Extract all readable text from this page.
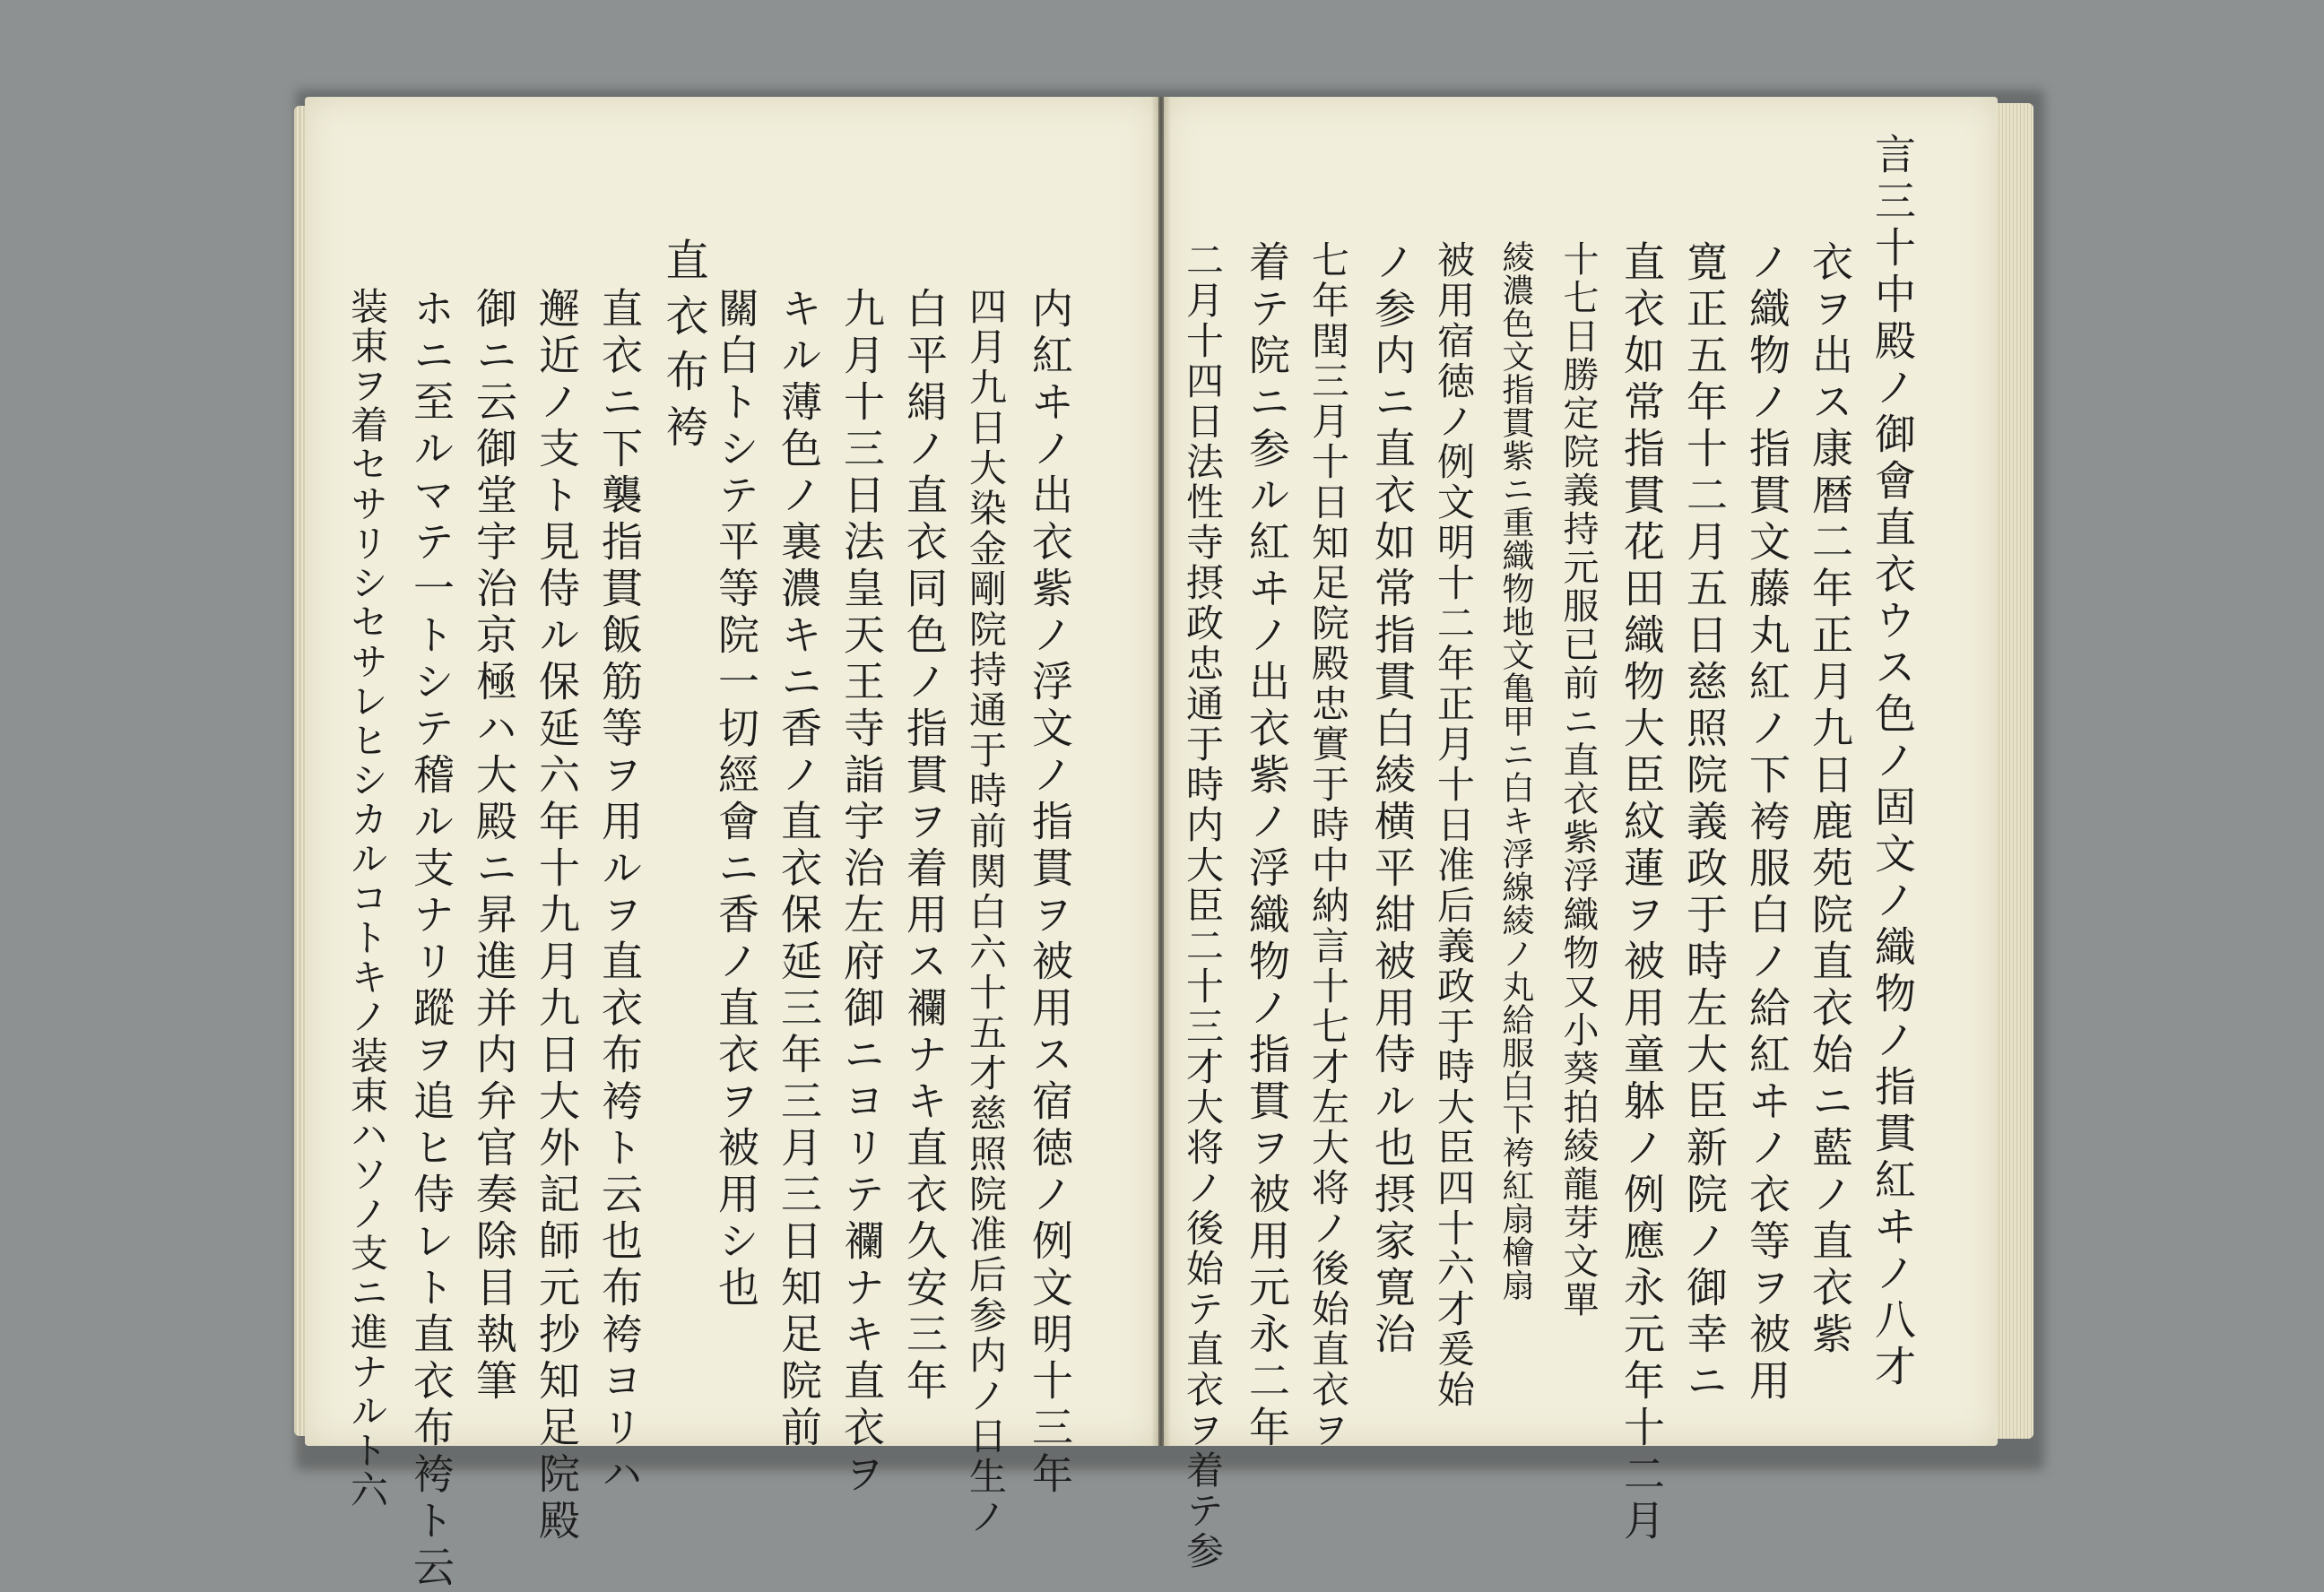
言三十中殿ノ御會直衣ウス色ノ固文ノ織物ノ指貫紅ヰノ八才
衣ヲ出ス康暦二年正月九日鹿苑院直衣始ニ藍ノ直衣紫
ノ織物ノ指貫文藤丸紅ノ下袴服白ノ給紅ヰノ衣等ヲ被用
寛正五年十二月五日慈照院義政于時左大臣新院ノ御幸ニ
直衣如常指貫花田織物大臣紋蓮ヲ被用童躰ノ例應永元年十二月
十七日勝定院義持元服已前ニ直衣紫浮織物又小葵拍綾龍芽文單
綾濃色文指貫紫ニ重織物地文亀甲ニ白キ浮線綾ノ丸給服白下袴紅扇檜扇
被用宿徳ノ例文明十二年正月十日准后義政于時大臣四十六才爰始
ノ参内ニ直衣如常指貫白綾横平紺被用侍ル也摂家寛治
七年閏三月十日知足院殿忠實于時中納言十七才左大将ノ後始直衣ヲ
着テ院ニ参ル紅ヰノ出衣紫ノ浮織物ノ指貫ヲ被用元永二年
二月十四日法性寺摂政忠通于時内大臣二十三才大将ノ後始テ直衣ヲ着テ参
内紅ヰノ出衣紫ノ浮文ノ指貫ヲ被用ス宿徳ノ例文明十三年
四月九日大染金剛院持通于時前関白六十五才慈照院准后参内ノ日生ノ
白平絹ノ直衣同色ノ指貫ヲ着用ス襴ナキ直衣久安三年
九月十三日法皇天王寺詣宇治左府御ニヨリテ襴ナキ直衣ヲ
キル薄色ノ裏濃キニ香ノ直衣保延三年三月三日知足院前
關白トシテ平等院一切經會ニ香ノ直衣ヲ被用シ也
直衣布袴
直衣ニ下襲指貫飯筋等ヲ用ルヲ直衣布袴ト云也布袴ヨリハ
邂近ノ支ト見侍ル保延六年十九月九日大外記師元抄知足院殿
御ニ云御堂宇治京極ハ大殿ニ昇進并内弁官奏除目執筆
ホニ至ルマテ一トシテ稽ル支ナリ蹤ヲ追ヒ侍レト直衣布袴ト云
装束ヲ着セサリシセサレヒシカルコトキノ装束ハソノ支ニ進ナルト六
